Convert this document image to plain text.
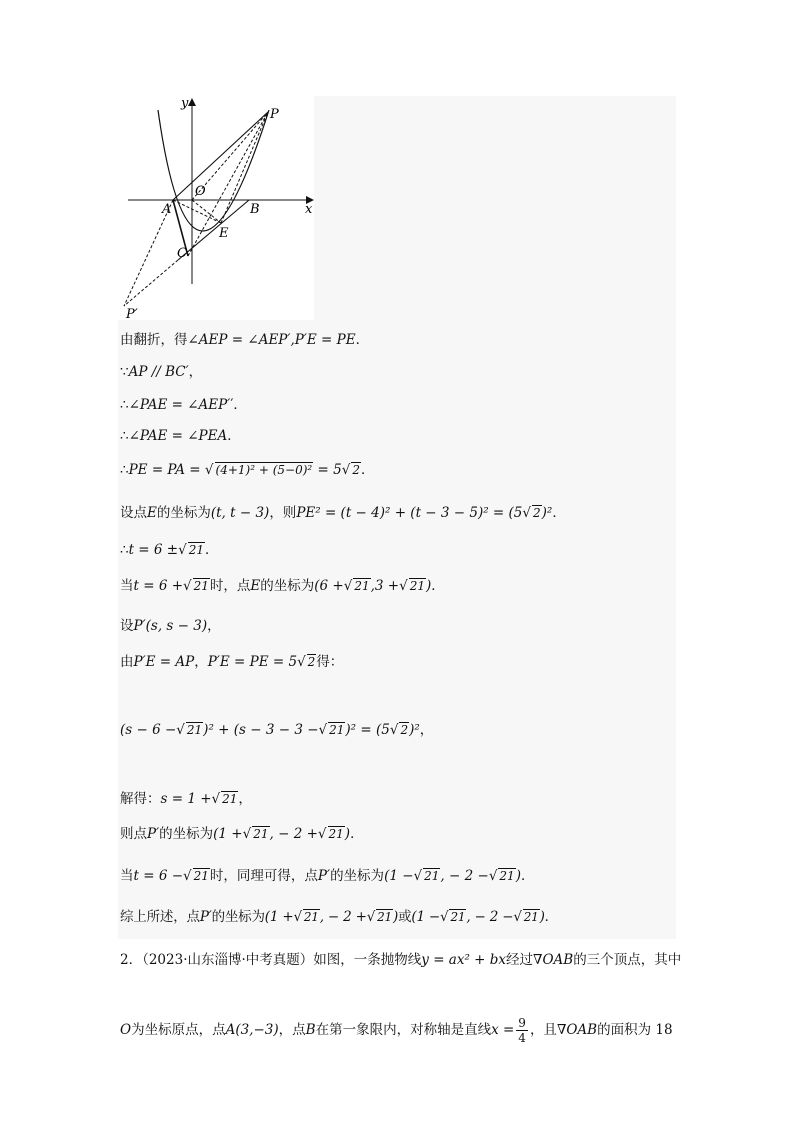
y
x
P
O
A	B
E
C
P′
由翻折，得∠AEP = ∠AEP′,P′E = PE．
∵AP // BC′，
∴∠PAE = ∠AEP′′．
∴∠PAE = ∠PEA．
∴PE = PA = √ (4+1)² + (5−0)² = 5√ 2．
设点E的坐标为(t, t − 3)，则PE² = (t − 4)² + (t − 3 − 5)² = (5√ 2)²．
∴t = 6 ±√ 21．
当t = 6 +√ 21时，点E的坐标为(6 +√ 21,3 +√ 21)．
设P′(s, s − 3)，
由P′E = AP，P′E = PE = 5√ 2得：
(s − 6 −√ 21)² + (s − 3 − 3 −√ 21)² = (5√ 2)²，
解得：s = 1 +√ 21，
则点P′的坐标为(1 +√ 21, − 2 +√ 21)．
当t = 6 −√ 21时，同理可得，点P′的坐标为(1 −√ 21, − 2 −√ 21)．
综上所述，点P′的坐标为(1 +√ 21, − 2 +√ 21)或(1 −√ 21, − 2 −√ 21)．
2．（2023·山东淄博·中考真题）如图，一条抛物线y = ax² + bx经过∇OAB的三个顶点，其中
O为坐标原点，点A(3,−3)，点B在第一象限内，对称轴是直线$x = \frac{9}{4}$ ，且∇OAB的面积为 18
